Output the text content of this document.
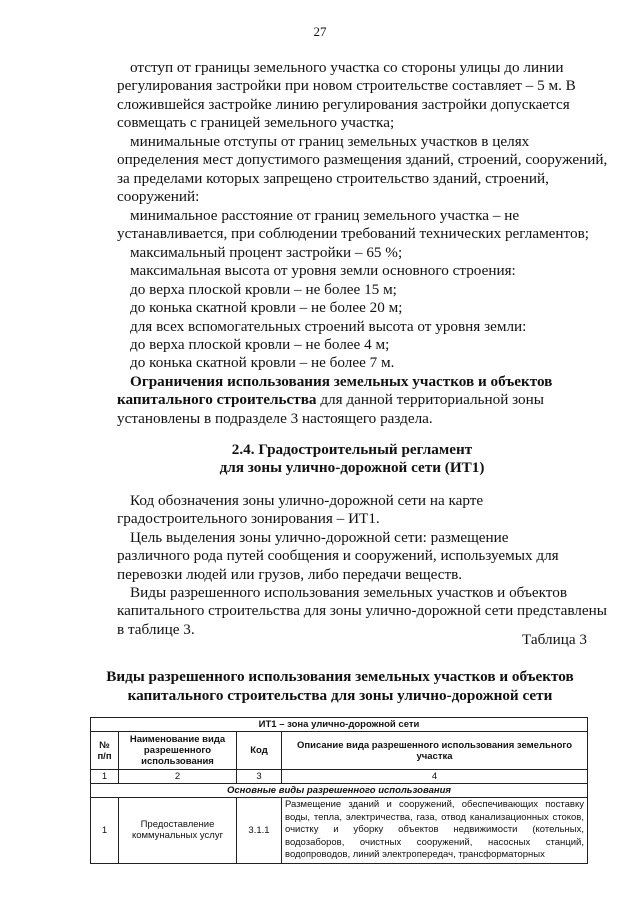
27
отступ от границы земельного участка со стороны улицы до линии
регулирования застройки при новом строительстве составляет – 5 м. В
сложившейся застройке линию регулирования застройки допускается
совмещать с границей земельного участка;
минимальные отступы от границ земельных участков в целях
определения мест допустимого размещения зданий, строений, сооружений,
за пределами которых запрещено строительство зданий, строений,
сооружений:
минимальное расстояние от границ земельного участка – не
устанавливается, при соблюдении требований технических регламентов;
максимальный процент застройки – 65 %;
максимальная высота от уровня земли основного строения:
до верха плоской кровли – не более 15 м;
до конька скатной кровли – не более 20 м;
для всех вспомогательных строений высота от уровня земли:
до верха плоской кровли – не более 4 м;
до конька скатной кровли – не более 7 м.
Ограничения использования земельных участков и объектов
капитального строительства для данной территориальной зоны
установлены в подразделе 3 настоящего раздела.
2.4. Градостроительный регламент
для зоны улично-дорожной сети (ИТ1)
Код обозначения зоны улично-дорожной сети на карте
градостроительного зонирования – ИТ1.
Цель выделения зоны улично-дорожной сети: размещение
различного рода путей сообщения и сооружений, используемых для
перевозки людей или грузов, либо передачи веществ.
Виды разрешенного использования земельных участков и объектов
капитального строительства для зоны улично-дорожной сети представлены
в таблице 3.
Таблица 3
Виды разрешенного использования земельных участков и объектов
капитального строительства для зоны улично-дорожной сети
ИТ1 – зона улично-дорожной сети			
№ п/п	Наименование вида разрешенного использования	Код	Описание вида разрешенного использования земельного участка
1	2	3	4
Основные виды разрешенного использования			
1	Предоставление коммунальных услуг	3.1.1	Размещение зданий и сооружений, обеспечивающих поставку воды, тепла, электричества, газа, отвод канализационных стоков, очистку и уборку объектов недвижимости (котельных, водозаборов, очистных сооружений, насосных станций, водопроводов, линий электропередач, трансформаторных
